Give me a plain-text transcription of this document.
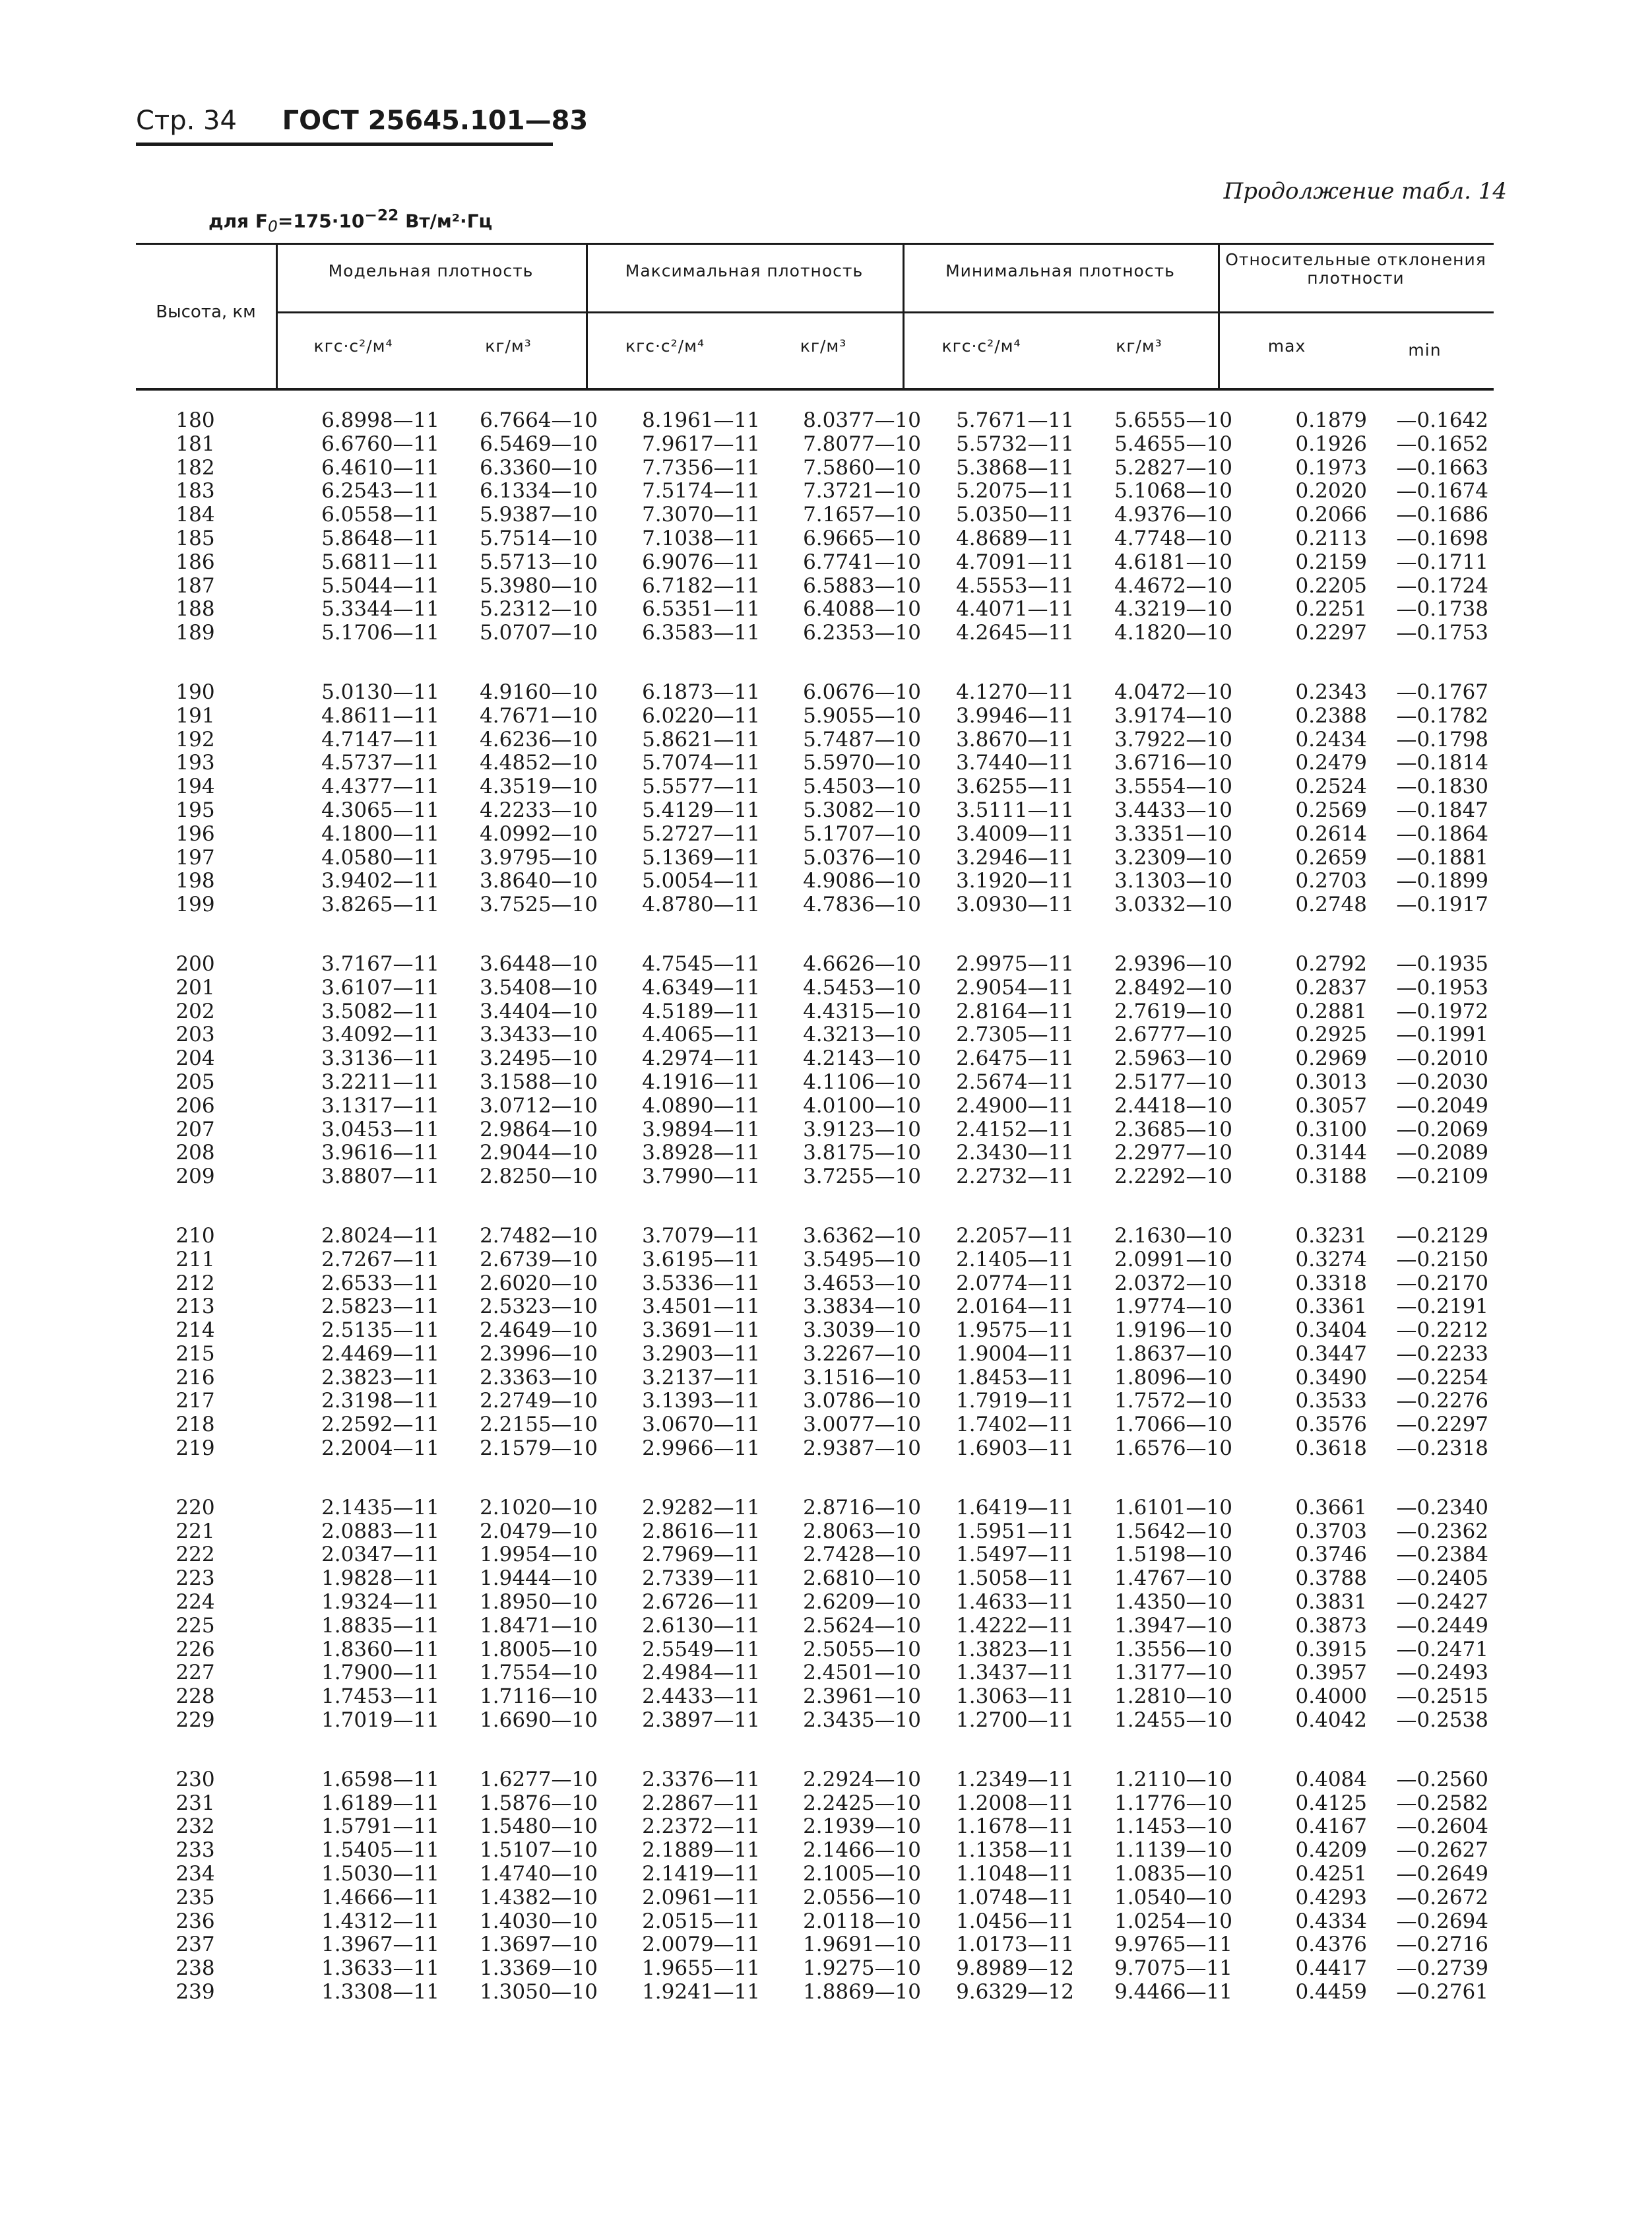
Стр. 34 ГОСТ 25645.101—83
Продолжение табл. 14
для $F_0=175\cdot 10^{-22}$ Вт/м²·Гц
Высота, км
Модельная плотность	Максимальная плотность	Минимальная плотность
Относительные отклонения плотности
кгс·с²/м⁴	кг/м³	кгс·с²/м⁴	кг/м³	кгс·с²/м⁴	кг/м³	max	min
180	6.8998—11	6.7664—10	8.1961—11	8.0377—10	5.7671—11	5.6555—10	0.1879	—0.1642
181	6.6760—11	6.5469—10	7.9617—11	7.8077—10	5.5732—11	5.4655—10	0.1926	—0.1652
182	6.4610—11	6.3360—10	7.7356—11	7.5860—10	5.3868—11	5.2827—10	0.1973	—0.1663
183	6.2543—11	6.1334—10	7.5174—11	7.3721—10	5.2075—11	5.1068—10	0.2020	—0.1674
184	6.0558—11	5.9387—10	7.3070—11	7.1657—10	5.0350—11	4.9376—10	0.2066	—0.1686
185	5.8648—11	5.7514—10	7.1038—11	6.9665—10	4.8689—11	4.7748—10	0.2113	—0.1698
186	5.6811—11	5.5713—10	6.9076—11	6.7741—10	4.7091—11	4.6181—10	0.2159	—0.1711
187	5.5044—11	5.3980—10	6.7182—11	6.5883—10	4.5553—11	4.4672—10	0.2205	—0.1724
188	5.3344—11	5.2312—10	6.5351—11	6.4088—10	4.4071—11	4.3219—10	0.2251	—0.1738
189	5.1706—11	5.0707—10	6.3583—11	6.2353—10	4.2645—11	4.1820—10	0.2297	—0.1753
190	5.0130—11	4.9160—10	6.1873—11	6.0676—10	4.1270—11	4.0472—10	0.2343	—0.1767
191	4.8611—11	4.7671—10	6.0220—11	5.9055—10	3.9946—11	3.9174—10	0.2388	—0.1782
192	4.7147—11	4.6236—10	5.8621—11	5.7487—10	3.8670—11	3.7922—10	0.2434	—0.1798
193	4.5737—11	4.4852—10	5.7074—11	5.5970—10	3.7440—11	3.6716—10	0.2479	—0.1814
194	4.4377—11	4.3519—10	5.5577—11	5.4503—10	3.6255—11	3.5554—10	0.2524	—0.1830
195	4.3065—11	4.2233—10	5.4129—11	5.3082—10	3.5111—11	3.4433—10	0.2569	—0.1847
196	4.1800—11	4.0992—10	5.2727—11	5.1707—10	3.4009—11	3.3351—10	0.2614	—0.1864
197	4.0580—11	3.9795—10	5.1369—11	5.0376—10	3.2946—11	3.2309—10	0.2659	—0.1881
198	3.9402—11	3.8640—10	5.0054—11	4.9086—10	3.1920—11	3.1303—10	0.2703	—0.1899
199	3.8265—11	3.7525—10	4.8780—11	4.7836—10	3.0930—11	3.0332—10	0.2748	—0.1917
200	3.7167—11	3.6448—10	4.7545—11	4.6626—10	2.9975—11	2.9396—10	0.2792	—0.1935
201	3.6107—11	3.5408—10	4.6349—11	4.5453—10	2.9054—11	2.8492—10	0.2837	—0.1953
202	3.5082—11	3.4404—10	4.5189—11	4.4315—10	2.8164—11	2.7619—10	0.2881	—0.1972
203	3.4092—11	3.3433—10	4.4065—11	4.3213—10	2.7305—11	2.6777—10	0.2925	—0.1991
204	3.3136—11	3.2495—10	4.2974—11	4.2143—10	2.6475—11	2.5963—10	0.2969	—0.2010
205	3.2211—11	3.1588—10	4.1916—11	4.1106—10	2.5674—11	2.5177—10	0.3013	—0.2030
206	3.1317—11	3.0712—10	4.0890—11	4.0100—10	2.4900—11	2.4418—10	0.3057	—0.2049
207	3.0453—11	2.9864—10	3.9894—11	3.9123—10	2.4152—11	2.3685—10	0.3100	—0.2069
208	3.9616—11	2.9044—10	3.8928—11	3.8175—10	2.3430—11	2.2977—10	0.3144	—0.2089
209	3.8807—11	2.8250—10	3.7990—11	3.7255—10	2.2732—11	2.2292—10	0.3188	—0.2109
210	2.8024—11	2.7482—10	3.7079—11	3.6362—10	2.2057—11	2.1630—10	0.3231	—0.2129
211	2.7267—11	2.6739—10	3.6195—11	3.5495—10	2.1405—11	2.0991—10	0.3274	—0.2150
212	2.6533—11	2.6020—10	3.5336—11	3.4653—10	2.0774—11	2.0372—10	0.3318	—0.2170
213	2.5823—11	2.5323—10	3.4501—11	3.3834—10	2.0164—11	1.9774—10	0.3361	—0.2191
214	2.5135—11	2.4649—10	3.3691—11	3.3039—10	1.9575—11	1.9196—10	0.3404	—0.2212
215	2.4469—11	2.3996—10	3.2903—11	3.2267—10	1.9004—11	1.8637—10	0.3447	—0.2233
216	2.3823—11	2.3363—10	3.2137—11	3.1516—10	1.8453—11	1.8096—10	0.3490	—0.2254
217	2.3198—11	2.2749—10	3.1393—11	3.0786—10	1.7919—11	1.7572—10	0.3533	—0.2276
218	2.2592—11	2.2155—10	3.0670—11	3.0077—10	1.7402—11	1.7066—10	0.3576	—0.2297
219	2.2004—11	2.1579—10	2.9966—11	2.9387—10	1.6903—11	1.6576—10	0.3618	—0.2318
220	2.1435—11	2.1020—10	2.9282—11	2.8716—10	1.6419—11	1.6101—10	0.3661	—0.2340
221	2.0883—11	2.0479—10	2.8616—11	2.8063—10	1.5951—11	1.5642—10	0.3703	—0.2362
222	2.0347—11	1.9954—10	2.7969—11	2.7428—10	1.5497—11	1.5198—10	0.3746	—0.2384
223	1.9828—11	1.9444—10	2.7339—11	2.6810—10	1.5058—11	1.4767—10	0.3788	—0.2405
224	1.9324—11	1.8950—10	2.6726—11	2.6209—10	1.4633—11	1.4350—10	0.3831	—0.2427
225	1.8835—11	1.8471—10	2.6130—11	2.5624—10	1.4222—11	1.3947—10	0.3873	—0.2449
226	1.8360—11	1.8005—10	2.5549—11	2.5055—10	1.3823—11	1.3556—10	0.3915	—0.2471
227	1.7900—11	1.7554—10	2.4984—11	2.4501—10	1.3437—11	1.3177—10	0.3957	—0.2493
228	1.7453—11	1.7116—10	2.4433—11	2.3961—10	1.3063—11	1.2810—10	0.4000	—0.2515
229	1.7019—11	1.6690—10	2.3897—11	2.3435—10	1.2700—11	1.2455—10	0.4042	—0.2538
230	1.6598—11	1.6277—10	2.3376—11	2.2924—10	1.2349—11	1.2110—10	0.4084	—0.2560
231	1.6189—11	1.5876—10	2.2867—11	2.2425—10	1.2008—11	1.1776—10	0.4125	—0.2582
232	1.5791—11	1.5480—10	2.2372—11	2.1939—10	1.1678—11	1.1453—10	0.4167	—0.2604
233	1.5405—11	1.5107—10	2.1889—11	2.1466—10	1.1358—11	1.1139—10	0.4209	—0.2627
234	1.5030—11	1.4740—10	2.1419—11	2.1005—10	1.1048—11	1.0835—10	0.4251	—0.2649
235	1.4666—11	1.4382—10	2.0961—11	2.0556—10	1.0748—11	1.0540—10	0.4293	—0.2672
236	1.4312—11	1.4030—10	2.0515—11	2.0118—10	1.0456—11	1.0254—10	0.4334	—0.2694
237	1.3967—11	1.3697—10	2.0079—11	1.9691—10	1.0173—11	9.9765—11	0.4376	—0.2716
238	1.3633—11	1.3369—10	1.9655—11	1.9275—10	9.8989—12	9.7075—11	0.4417	—0.2739
239	1.3308—11	1.3050—10	1.9241—11	1.8869—10	9.6329—12	9.4466—11	0.4459	—0.2761
